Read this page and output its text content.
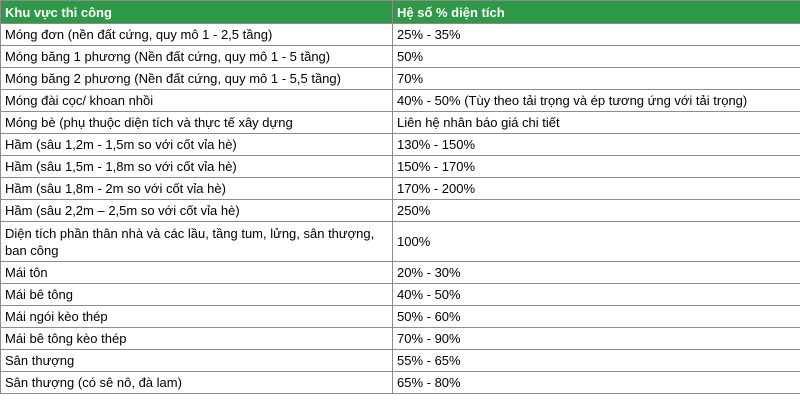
Khu vực thi công	Hệ số % diện tích
Móng đơn (nền đất cứng, quy mô 1 - 2,5 tầng)	25% - 35%
Móng băng 1 phương (Nền đất cứng, quy mô 1 - 5 tầng)	50%
Móng băng 2 phương (Nền đất cứng, quy mô 1 - 5,5 tầng)	70%
Móng đài cọc/ khoan nhồi	40% - 50% (Tùy theo tải trọng và ép tương ứng với tải trọng)
Móng bè (phụ thuộc diện tích và thực tế xây dựng	Liên hệ nhân báo giá chi tiết
Hầm (sâu 1,2m - 1,5m so với cốt vỉa hè)	130% - 150%
Hầm (sâu 1,5m - 1,8m so với cốt vỉa hè)	150% - 170%
Hầm (sâu 1,8m - 2m so với cốt vỉa hè)	170% - 200%
Hầm (sâu 2,2m – 2,5m so với cốt vỉa hè)	250%
Diện tích phần thân nhà và các lầu, tầng tum, lửng, sân thượng, ban công	100%
Mái tôn	20% - 30%
Mái bê tông	40% - 50%
Mái ngói kèo thép	50% - 60%
Mái bê tông kèo thép	70% - 90%
Sân thượng	55% - 65%
Sân thượng (có sê nô, đà lam)	65% - 80%
